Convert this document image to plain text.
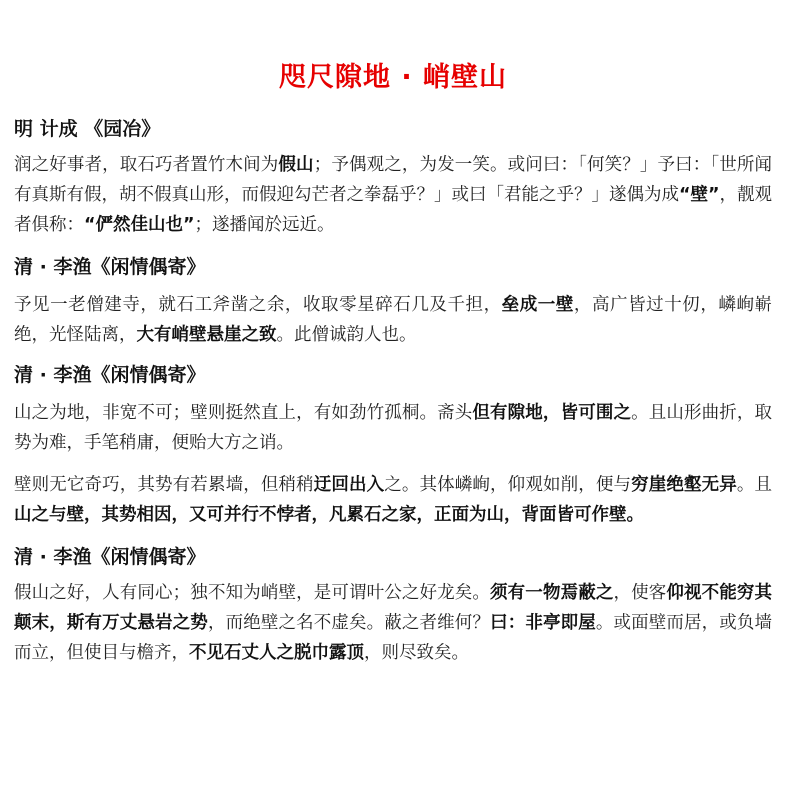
咫尺隙地 · 峭壁山
明 计成 《园冶》

润之好事者，取石巧者置竹木间为假山；予偶观之，为发一笑。或问曰：「何笑？」予曰：「世所闻有真斯有假，胡不假真山形，而假迎勾芒者之拳磊乎？」或曰「君能之乎？」遂偶为成“壁”，靓观者俱称：“俨然佳山也”；遂播闻於远近。

清 · 李渔《闲情偶寄》

予见一老僧建寺，就石工斧凿之余，收取零星碎石几及千担，垒成一壁，高广皆过十仞，嶙峋嶄绝，光怪陆离，大有峭壁悬崖之致。此僧诚韵人也。

清 · 李渔《闲情偶寄》

山之为地，非宽不可；壁则挺然直上，有如劲竹孤桐。斋头但有隙地，皆可围之。且山形曲折，取势为难，手笔稍庸，便贻大方之诮。

壁则无它奇巧，其势有若累墙，但稍稍迂回出入之。其体嶙峋，仰观如削，便与穷崖绝壑无异。且山之与壁，其势相因，又可并行不悖者，凡累石之家，正面为山，背面皆可作壁。

清 · 李渔《闲情偶寄》

假山之好，人有同心；独不知为峭壁，是可谓叶公之好龙矣。须有一物焉蔽之，使客仰视不能穷其颠末，斯有万丈悬岩之势，而绝壁之名不虚矣。蔽之者维何？曰：非亭即屋。或面壁而居，或负墙而立，但使目与檐齐，不见石丈人之脱巾露顶，则尽致矣。
